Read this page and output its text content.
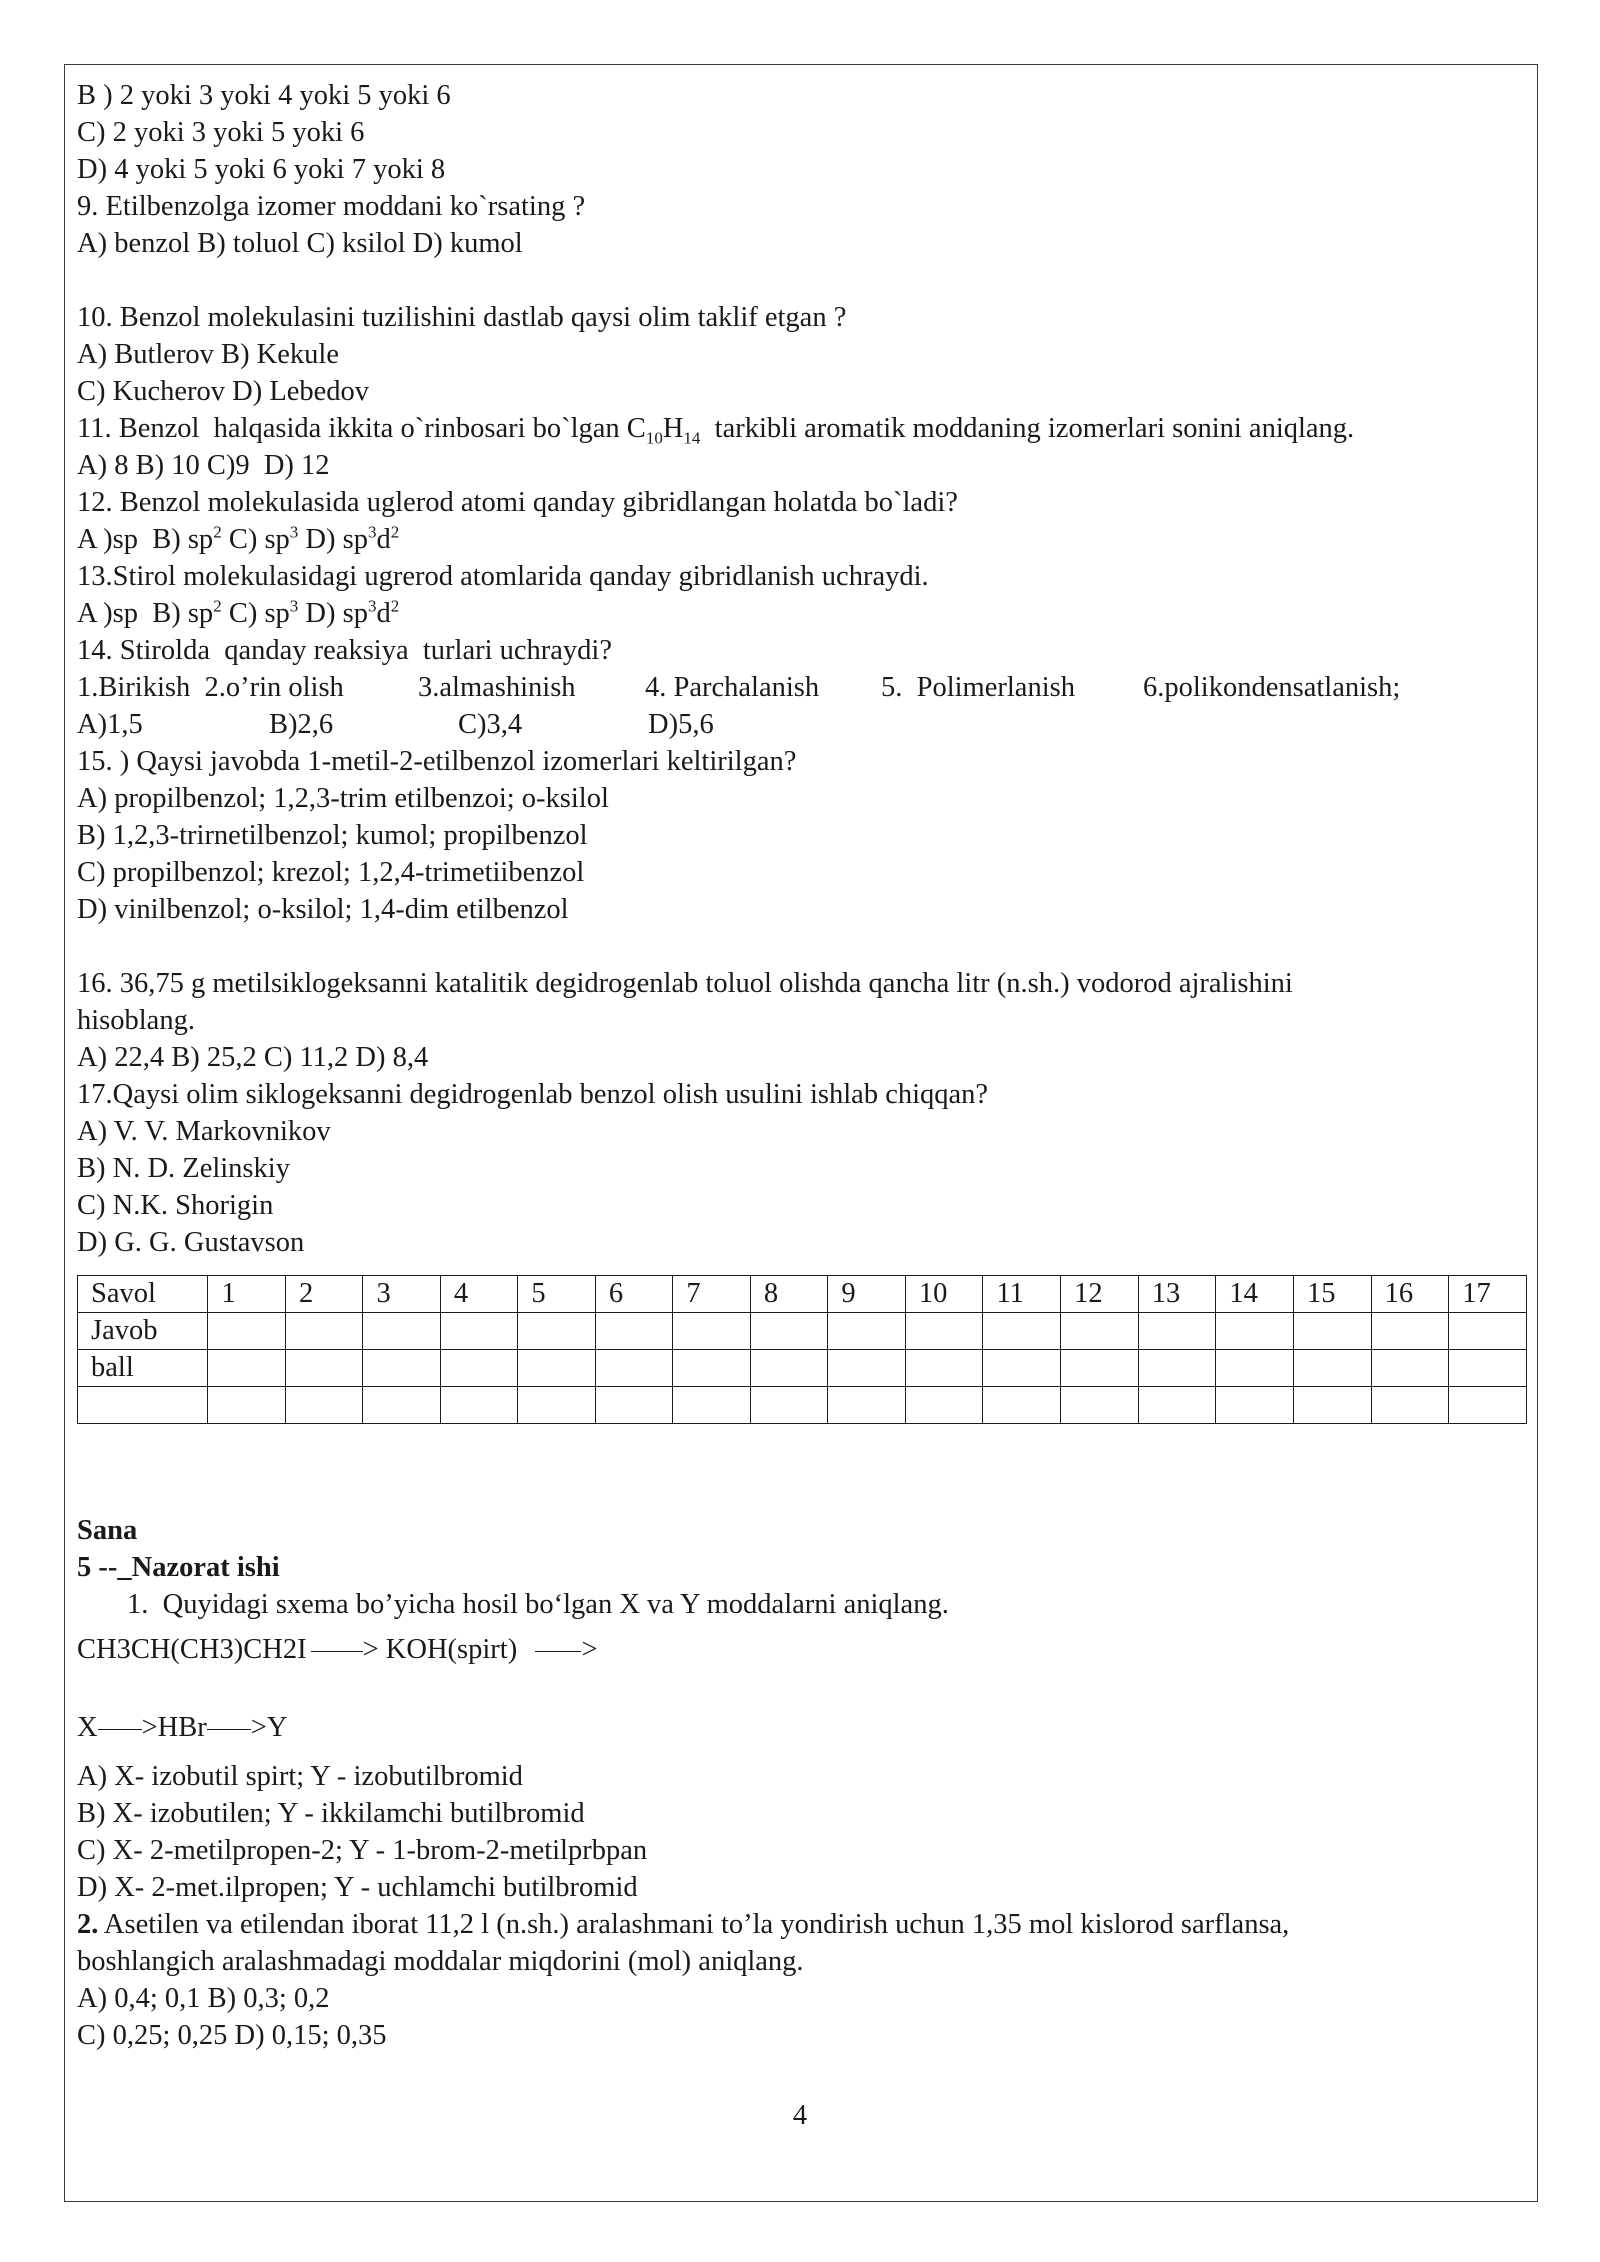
B ) 2 yoki 3 yoki 4 yoki 5 yoki 6
C) 2 yoki 3 yoki 5 yoki 6
D) 4 yoki 5 yoki 6 yoki 7 yoki 8
9. Etilbenzolga izomer moddani ko`rsating ?
A) benzol B) toluol C) ksilol D) kumol
10. Benzol molekulasini tuzilishini dastlab qaysi olim taklif etgan ?
A) Butlerov B) Kekule
C) Kucherov D) Lebedov
11. Benzol  halqasida ikkita o`rinbosari bo`lgan $C_{10}H_{14}$  tarkibli aromatik moddaning izomerlari sonini aniqlang.
A) 8 B) 10 C)9  D) 12
12. Benzol molekulasida uglerod atomi qanday gibridlangan holatda bo`ladi?
A )sp  B) $sp^2$ C) $sp^3$ D) $sp^3d^2$
13.Stirol molekulasidagi ugrerod atomlarida qanday gibridlanish uchraydi.
A )sp  B) $sp^2$ C) $sp^3$ D) $sp^3d^2$
14. Stirolda  qanday reaksiya  turlari uchraydi?
1.Birikish  2.o’rin olish	3.almashinish 4. Parchalanish 5.  Polimerlanish 6.polikondensatlanish;
A)1,5	B)2,6	C)3,4	D)5,6
15. ) Qaysi javobda 1-metil-2-etilbenzol izomerlari keltirilgan?
A) propilbenzol; 1,2,3-trim etilbenzoi; o-ksilol
B) 1,2,3-trirnetilbenzol; kumol; propilbenzol
C) propilbenzol; krezol; 1,2,4-trimetiibenzol
D) vinilbenzol; o-ksilol; 1,4-dim etilbenzol
16. 36,75 g metilsiklogeksanni katalitik degidrogenlab toluol olishda qancha litr (n.sh.) vodorod ajralishini
hisoblang.
A) 22,4 B) 25,2 C) 11,2 D) 8,4
17.Qaysi olim siklogeksanni degidrogenlab benzol olish usulini ishlab chiqqan?
A) V. V. Markovnikov
B) N. D. Zelinskiy
C) N.K. Shorigin
D) G. G. Gustavson
Savol	1	2	3	4	5	6	7	8	9	10	11	12	13	14	15	16	17
Javob																	
ball																	

Sana
5 --_Nazorat ishi
1. Quyidagi sxema bo’yicha hosil bo‘lgan X va Y moddalarni aniqlang.
CH3CH(CH3)CH2I > KOH(spirt) >
X >HBr >Y
A) X- izobutil spirt; Y - izobutilbromid
B) X- izobutilen; Y - ikkilamchi butilbromid
C) X- 2-metilpropen-2; Y - 1-brom-2-metilprbpan
D) X- 2-met.ilpropen; Y - uchlamchi butilbromid
2. Asetilen va etilendan iborat 11,2 l (n.sh.) aralashmani to’la yondirish uchun 1,35 mol kislorod sarflansa,
boshlangich aralashmadagi moddalar miqdorini (mol) aniqlang.
A) 0,4; 0,1 B) 0,3; 0,2
C) 0,25; 0,25 D) 0,15; 0,35
4
